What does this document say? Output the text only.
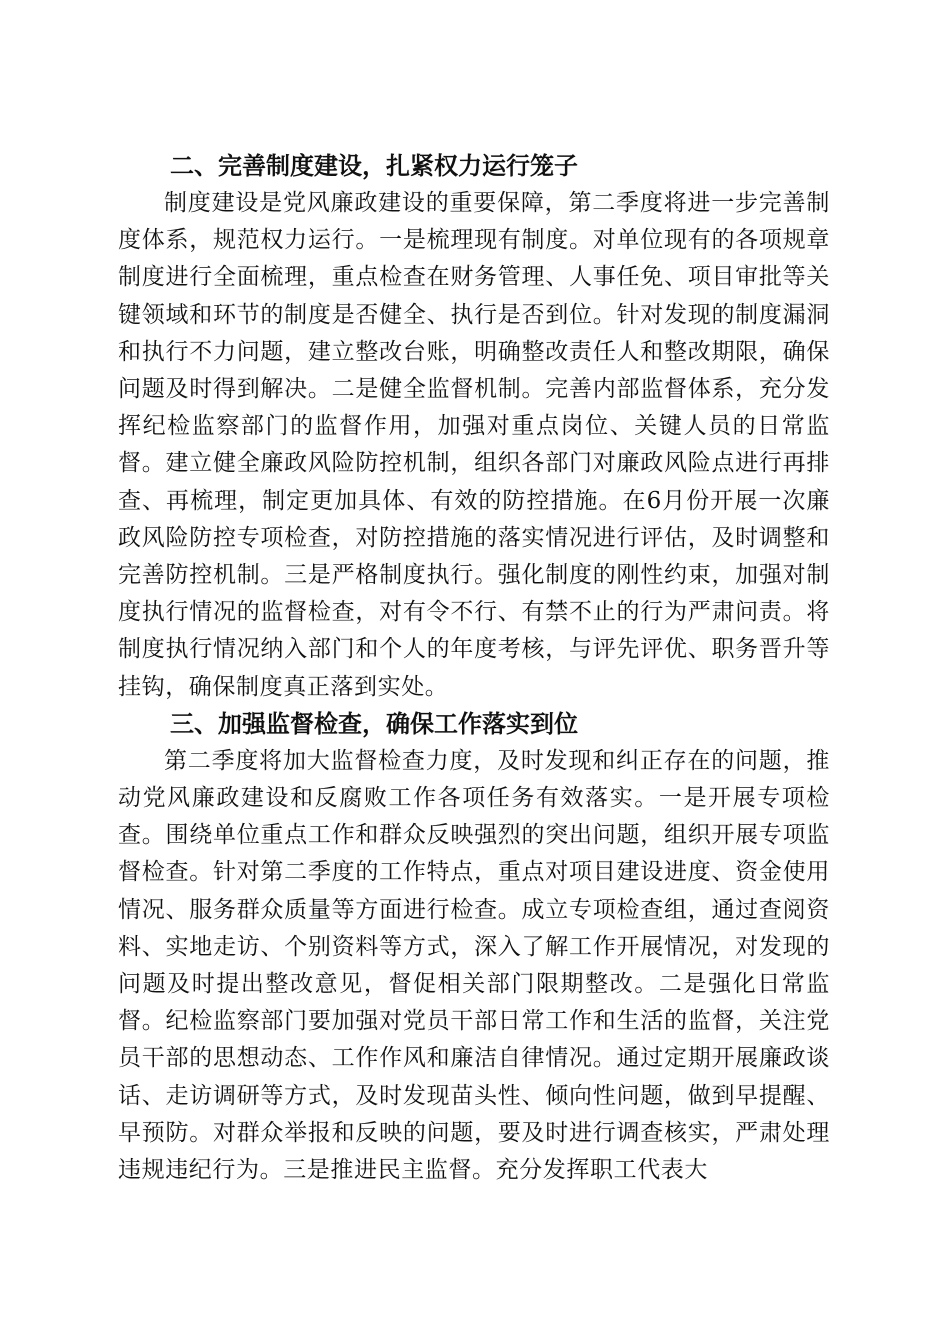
二、完善制度建设，扎紧权力运行笼子

制度建设是党风廉政建设的重要保障，第二季度将进一步完善制度体系，规范权力运行。一是梳理现有制度。对单位现有的各项规章制度进行全面梳理，重点检查在财务管理、人事任免、项目审批等关键领域和环节的制度是否健全、执行是否到位。针对发现的制度漏洞和执行不力问题，建立整改台账，明确整改责任人和整改期限，确保问题及时得到解决。二是健全监督机制。完善内部监督体系，充分发挥纪检监察部门的监督作用，加强对重点岗位、关键人员的日常监督。建立健全廉政风险防控机制，组织各部门对廉政风险点进行再排查、再梳理，制定更加具体、有效的防控措施。在6月份开展一次廉政风险防控专项检查，对防控措施的落实情况进行评估，及时调整和完善防控机制。三是严格制度执行。强化制度的刚性约束，加强对制度执行情况的监督检查，对有令不行、有禁不止的行为严肃问责。将制度执行情况纳入部门和个人的年度考核，与评先评优、职务晋升等挂钩，确保制度真正落到实处。

三、加强监督检查，确保工作落实到位

第二季度将加大监督检查力度，及时发现和纠正存在的问题，推动党风廉政建设和反腐败工作各项任务有效落实。一是开展专项检查。围绕单位重点工作和群众反映强烈的突出问题，组织开展专项监督检查。针对第二季度的工作特点，重点对项目建设进度、资金使用情况、服务群众质量等方面进行检查。成立专项检查组，通过查阅资料、实地走访、个别资料等方式，深入了解工作开展情况，对发现的问题及时提出整改意见，督促相关部门限期整改。二是强化日常监督。纪检监察部门要加强对党员干部日常工作和生活的监督，关注党员干部的思想动态、工作作风和廉洁自律情况。通过定期开展廉政谈话、走访调研等方式，及时发现苗头性、倾向性问题，做到早提醒、早预防。对群众举报和反映的问题，要及时进行调查核实，严肃处理违规违纪行为。三是推进民主监督。充分发挥职工代表大
